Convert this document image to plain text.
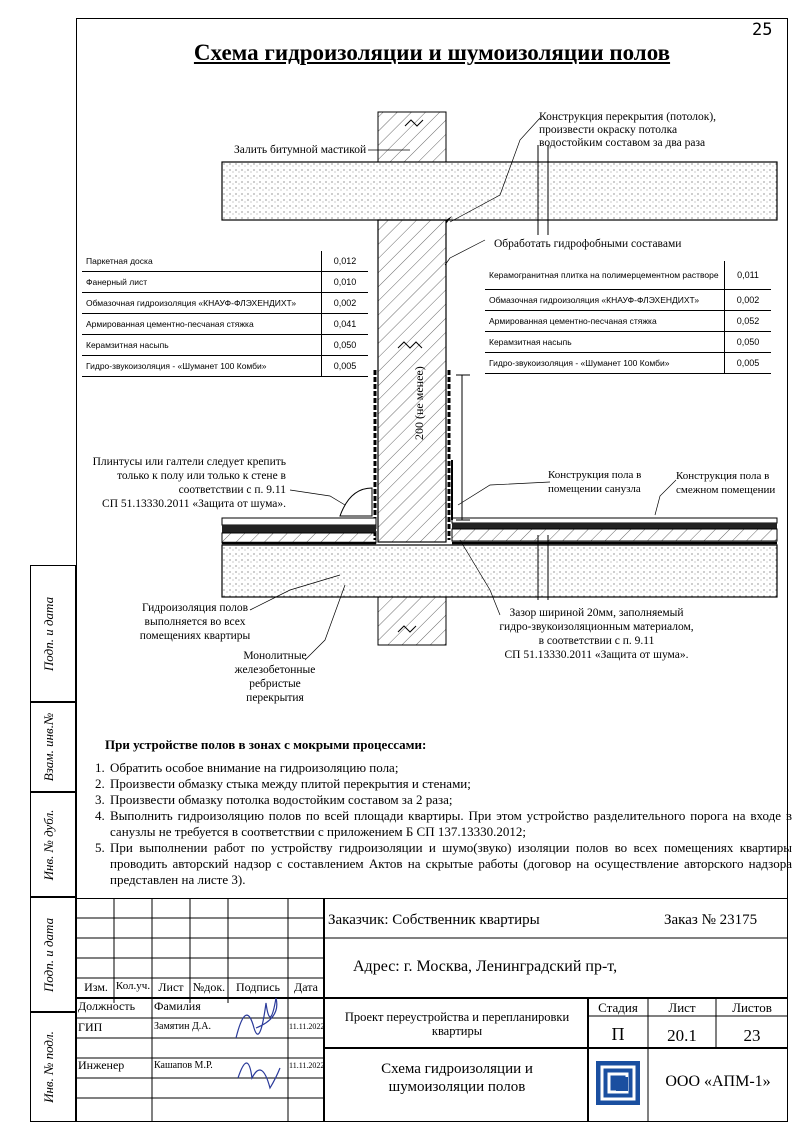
25
Схема гидроизоляции и шумоизоляции полов
Залить битумной мастикой
Конструкция перекрытия (потолок),
произвести окраску потолка
водостойким составом за два раза
Обработать гидрофобными составами
Плинтусы или галтели следует крепить
только к полу или только к стене в
соответствии с п. 9.11
СП 51.13330.2011 «Защита от шума».
200 (не менее)
Конструкция пола в
помещении санузла
Конструкция пола в
смежном помещении
Гидроизоляция полов
выполняется во всех
помещениях квартиры
Монолитные
железобетонные
ребристые
перекрытия
Зазор шириной 20мм, заполняемый
гидро-звукоизоляционным материалом,
в соответствии с п. 9.11
СП 51.13330.2011 «Защита от шума».
Паркетная доска	0,012
Фанерный лист	0,010
Обмазочная гидроизоляция «КНАУФ-ФЛЭХЕНДИХТ»	0,002
Армированная цементно-песчаная стяжка	0,041
Керамзитная насыпь	0,050
Гидро-звукоизоляция - «Шуманет 100 Комби»	0,005
Керамогранитная плитка на полимерцементном растворе	0,011
Обмазочная гидроизоляция «КНАУФ-ФЛЭХЕНДИХТ»	0,002
Армированная цементно-песчаная стяжка	0,052
Керамзитная насыпь	0,050
Гидро-звукоизоляция - «Шуманет 100 Комби»	0,005
При устройстве полов в зонах с мокрыми процессами:
1. Обратить особое внимание на гидроизоляцию пола;
2. Произвести обмазку стыка между плитой перекрытия и стенами;
3. Произвести обмазку потолка водостойким составом за 2 раза;
4. Выполнить гидроизоляцию полов по всей площади квартиры. При этом устройство разделительного порога на входе в санузлы не требуется в соответствии с приложением Б СП 137.13330.2012;
5. При выполнении работ по устройству гидроизоляции и шумо(звуко) изоляции полов во всех помещениях квартиры проводить авторский надзор с составлением Актов на скрытые работы (договор на осуществление авторского надзора представлен на листе 3).
Подп. и дата
Взам. инв.№
Инв. № дубл.
Подп. и дата
Инв. № подл.
Заказчик: Собственник квартиры	Заказ № 23175
Адрес: г. Москва, Ленинградский пр-т,
Изм. Кол.уч. Лист №док. Подпись	Дата
Должность Фамилия
ГИП	Замятин Д.А.	11.11.2022
Инженер	Кашапов М.Р.	11.11.2022
Проект переустройства и перепланировки квартиры
Схема гидроизоляции и
шумоизоляции полов
Стадия	Лист	Листов
П	20.1	23
ООО «АПМ-1»
